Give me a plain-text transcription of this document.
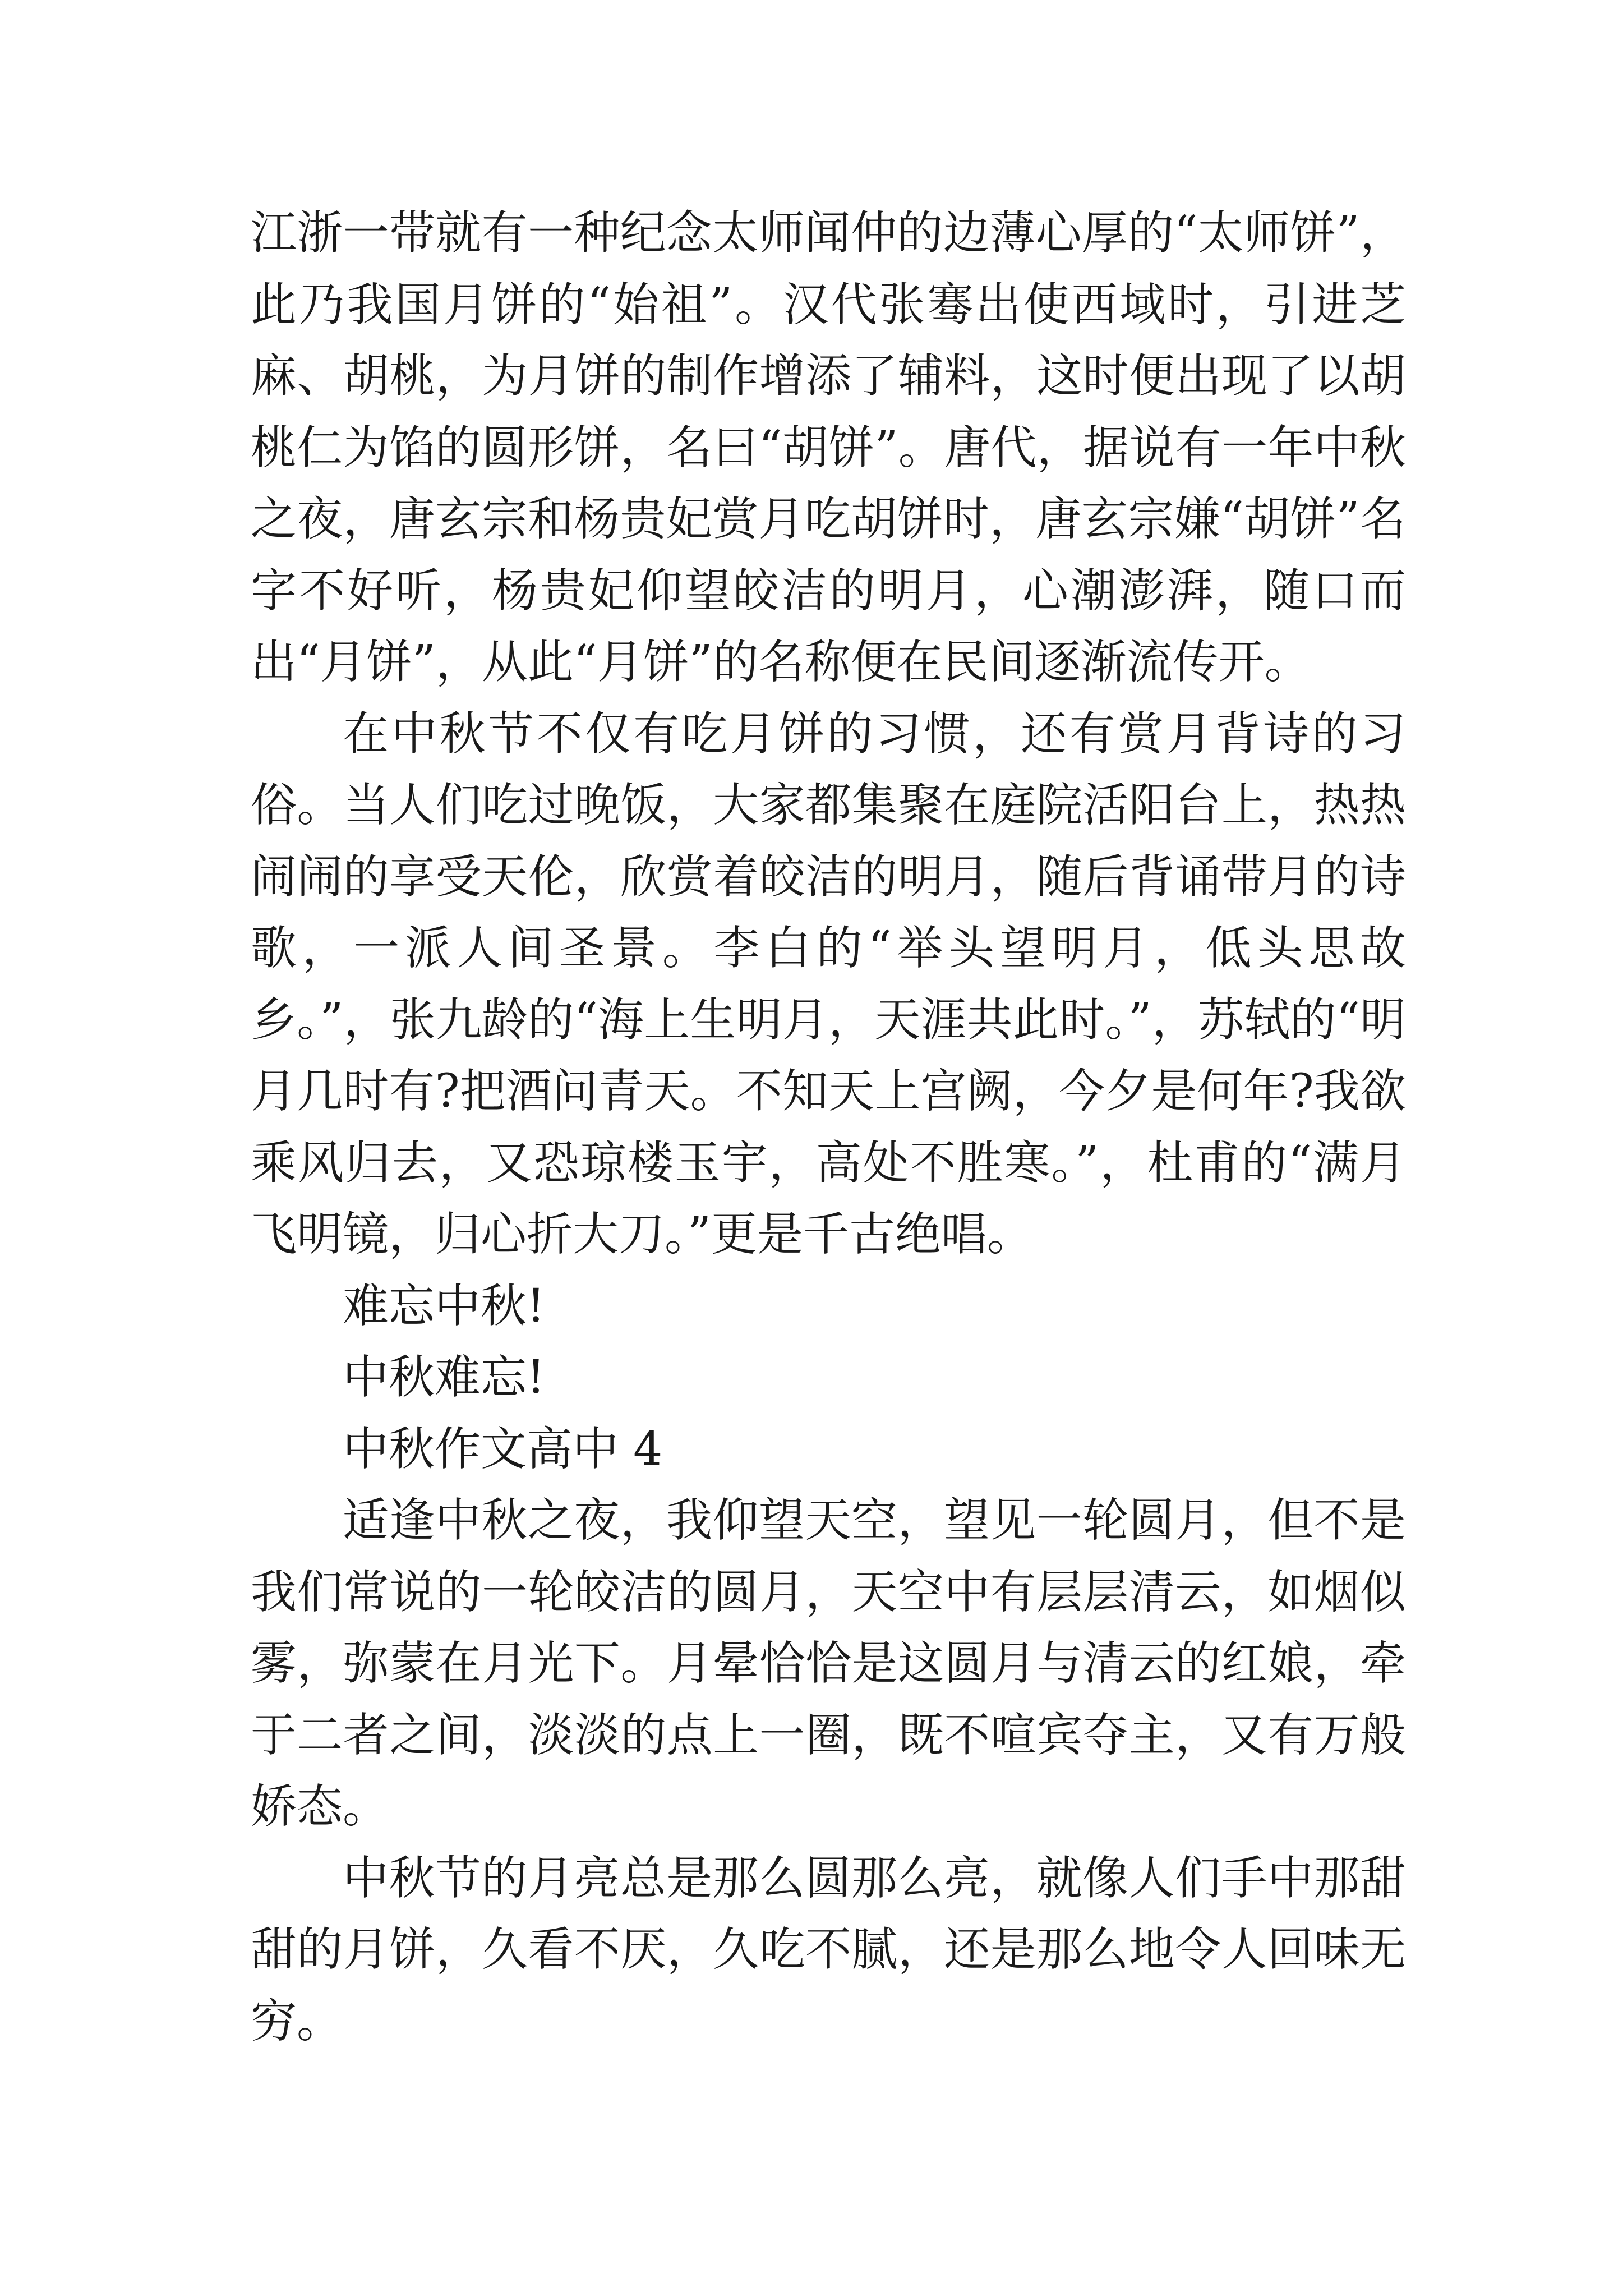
江浙一带就有一种纪念太师闻仲的边薄心厚的“太师饼”，此乃我国月饼的“始祖”。汉代张骞出使西域时，引进芝麻、胡桃，为月饼的制作增添了辅料，这时便出现了以胡桃仁为馅的圆形饼，名曰“胡饼”。唐代，据说有一年中秋之夜，唐玄宗和杨贵妃赏月吃胡饼时，唐玄宗嫌“胡饼”名字不好听，杨贵妃仰望皎洁的明月，心潮澎湃，随口而出“月饼”，从此“月饼”的名称便在民间逐渐流传开。

在中秋节不仅有吃月饼的习惯，还有赏月背诗的习俗。当人们吃过晚饭，大家都集聚在庭院活阳台上，热热闹闹的享受天伦，欣赏着皎洁的明月，随后背诵带月的诗歌，一派人间圣景。李白的“举头望明月，低头思故乡。”，张九龄的“海上生明月，天涯共此时。”，苏轼的“明月几时有?把酒问青天。不知天上宫阙，今夕是何年?我欲乘风归去，又恐琼楼玉宇，高处不胜寒。”，杜甫的“满月飞明镜，归心折大刀。”更是千古绝唱。

难忘中秋!

中秋难忘!

中秋作文高中 4

适逢中秋之夜，我仰望天空，望见一轮圆月，但不是我们常说的一轮皎洁的圆月，天空中有层层清云，如烟似雾，弥蒙在月光下。月晕恰恰是这圆月与清云的红娘，牵于二者之间，淡淡的点上一圈，既不喧宾夺主，又有万般娇态。

中秋节的月亮总是那么圆那么亮，就像人们手中那甜甜的月饼，久看不厌，久吃不腻，还是那么地令人回味无穷。
